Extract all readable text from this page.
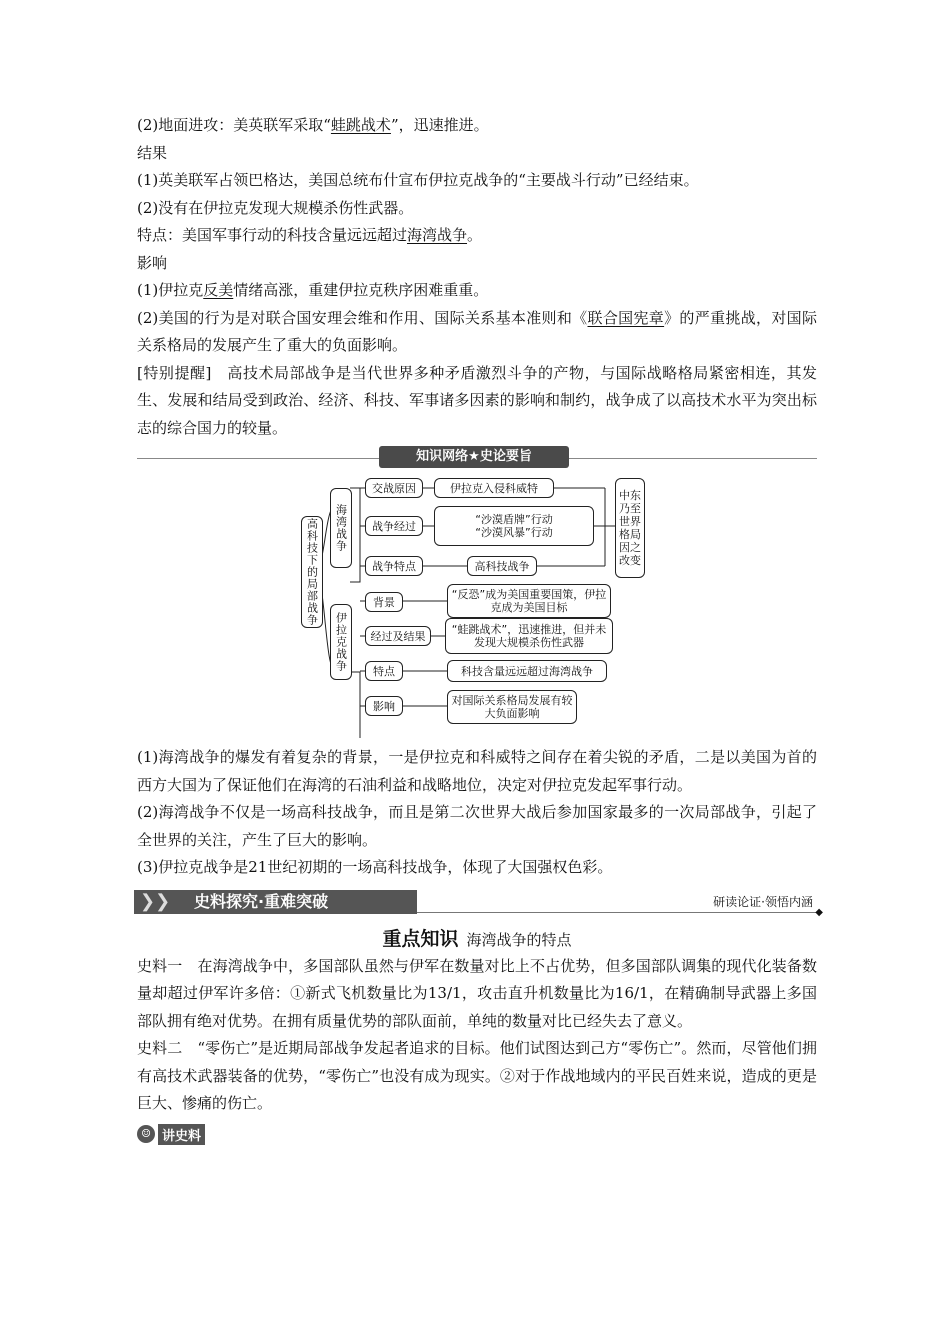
(2)地面进攻：美英联军采取“蛙跳战术”，迅速推进。

结果

(1)英美联军占领巴格达，美国总统布什宣布伊拉克战争的“主要战斗行动”已经结束。

(2)没有在伊拉克发现大规模杀伤性武器。

特点：美国军事行动的科技含量远远超过海湾战争。

影响

(1)伊拉克反美情绪高涨，重建伊拉克秩序困难重重。

(2)美国的行为是对联合国安理会维和作用、国际关系基本准则和《联合国宪章》的严重挑战，对国际关系格局的发展产生了重大的负面影响。

[特别提醒]　高技术局部战争是当代世界多种矛盾激烈斗争的产物，与国际战略格局紧密相连，其发生、发展和结局受到政治、经济、科技、军事诸多因素的影响和制约，战争成了以高技术水平为突出标志的综合国力的较量。

知识网络★史论要旨
高科技下的局部战争	海湾战争
伊拉克战争
交战原因
战争经过
战争特点
伊拉克入侵科威特
“沙漠盾牌”行动
“沙漠风暴”行动
高科技战争
中东乃至世界格局因之改变
背景
经过及结果
特点
影响
“反恐”成为美国重要国策，伊拉克成为美国目标
“蛙跳战术”，迅速推进，但并未发现大规模杀伤性武器
科技含量远远超过海湾战争
对国际关系格局发展有较大负面影响

(1)海湾战争的爆发有着复杂的背景，一是伊拉克和科威特之间存在着尖锐的矛盾，二是以美国为首的西方大国为了保证他们在海湾的石油利益和战略地位，决定对伊拉克发起军事行动。

(2)海湾战争不仅是一场高科技战争，而且是第二次世界大战后参加国家最多的一次局部战争，引起了全世界的关注，产生了巨大的影响。

(3)伊拉克战争是21世纪初期的一场高科技战争，体现了大国强权色彩。

史料探究·重难突破
❯❯	研读论证·领悟内涵
◆
重点知识 海湾战争的特点

史料一　在海湾战争中，多国部队虽然与伊军在数量对比上不占优势，但多国部队调集的现代化装备数量却超过伊军许多倍：①新式飞机数量比为13/1，攻击直升机数量比为16/1，在精确制导武器上多国部队拥有绝对优势。在拥有质量优势的部队面前，单纯的数量对比已经失去了意义。

史料二　“零伤亡”是近期局部战争发起者追求的目标。他们试图达到己方“零伤亡”。然而，尽管他们拥有高技术武器装备的优势，“零伤亡”也没有成为现实。②对于作战地域内的平民百姓来说，造成的更是巨大、惨痛的伤亡。

☺ 讲史料
